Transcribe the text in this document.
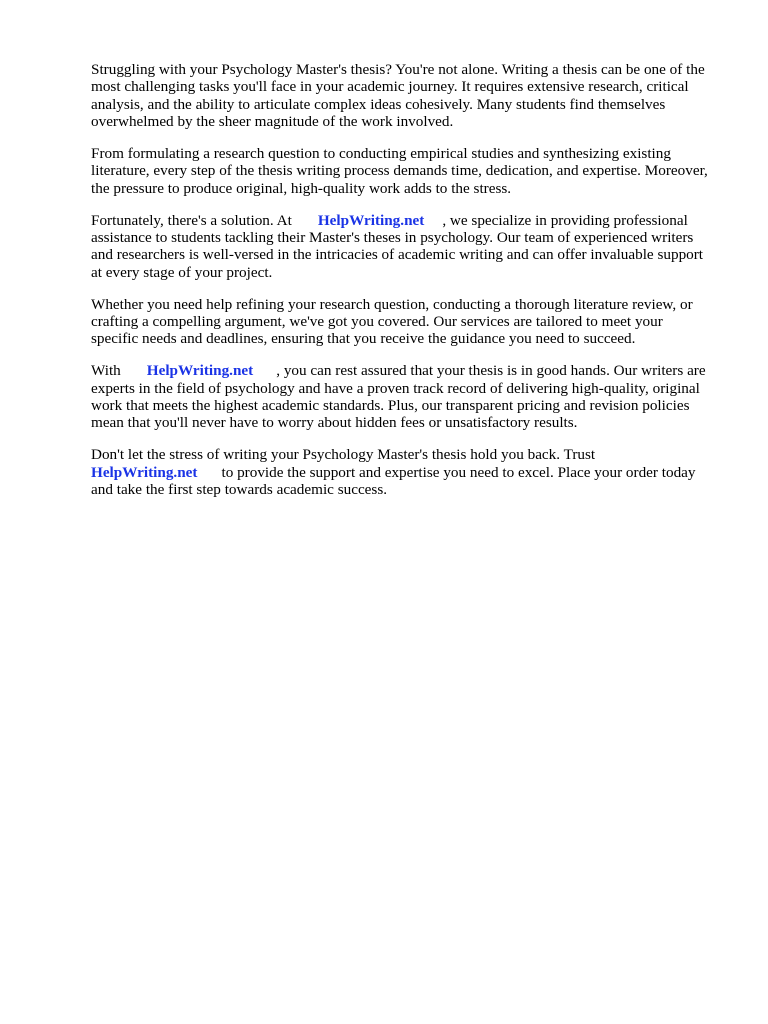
Struggling with your Psychology Master's thesis? You're not alone. Writing a thesis can be one of the
most challenging tasks you'll face in your academic journey. It requires extensive research, critical
analysis, and the ability to articulate complex ideas cohesively. Many students find themselves
overwhelmed by the sheer magnitude of the work involved.

From formulating a research question to conducting empirical studies and synthesizing existing
literature, every step of the thesis writing process demands time, dedication, and expertise. Moreover,
the pressure to produce original, high-quality work adds to the stress.

Fortunately, there's a solution. At HelpWriting.net , we specialize in providing professional
assistance to students tackling their Master's theses in psychology. Our team of experienced writers
and researchers is well-versed in the intricacies of academic writing and can offer invaluable support
at every stage of your project.

Whether you need help refining your research question, conducting a thorough literature review, or
crafting a compelling argument, we've got you covered. Our services are tailored to meet your
specific needs and deadlines, ensuring that you receive the guidance you need to succeed.

With HelpWriting.net , you can rest assured that your thesis is in good hands. Our writers are
experts in the field of psychology and have a proven track record of delivering high-quality, original
work that meets the highest academic standards. Plus, our transparent pricing and revision policies
mean that you'll never have to worry about hidden fees or unsatisfactory results.

Don't let the stress of writing your Psychology Master's thesis hold you back. Trust
HelpWriting.net to provide the support and expertise you need to excel. Place your order today
and take the first step towards academic success.
